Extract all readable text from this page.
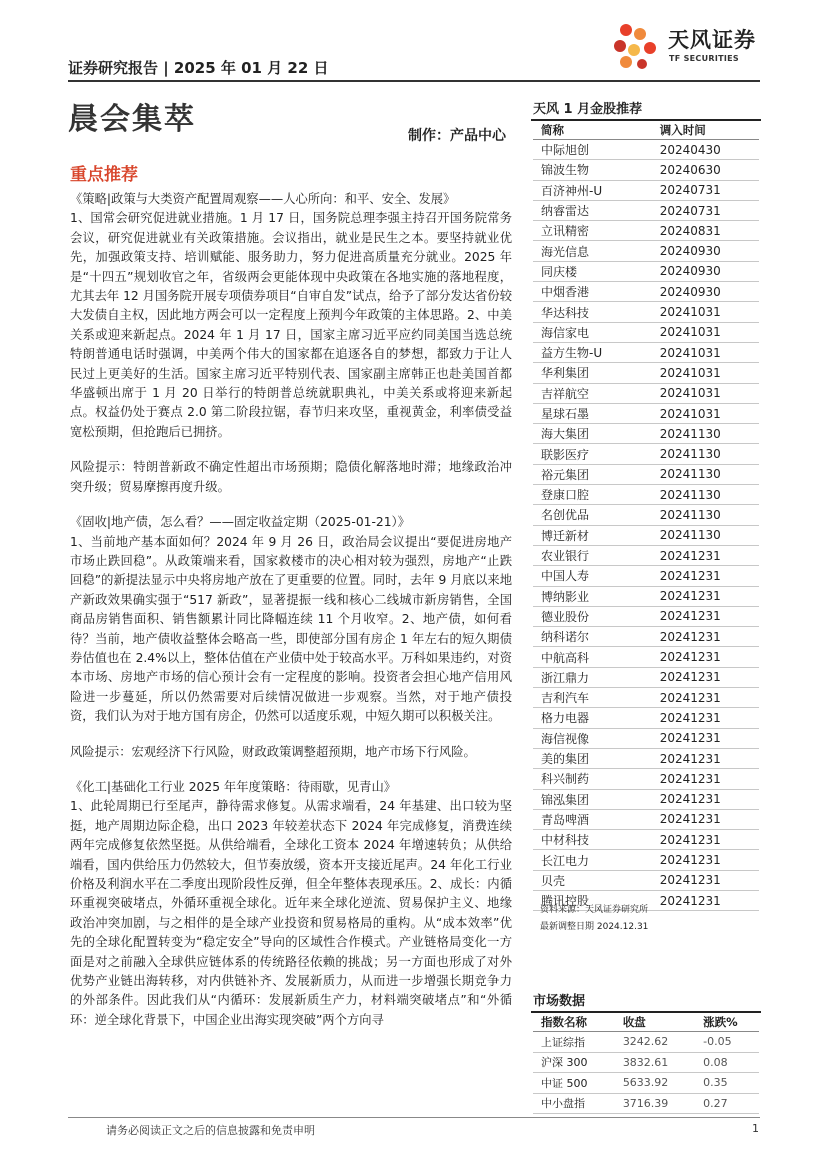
证券研究报告 | 2025 年 01 月 22 日
天风证券
TF SECURITIES
晨会集萃	制作：产品中心
重点推荐

《策略|政策与大类资产配置周观察——人心所向：和平、安全、发展》

1、国常会研究促进就业措施。1 月 17 日，国务院总理李强主持召开国务院常务会议，研究促进就业有关政策措施。会议指出，就业是民生之本。要坚持就业优先，加强政策支持、培训赋能、服务助力，努力促进高质量充分就业。2025 年是“十四五”规划收官之年，省级两会更能体现中央政策在各地实施的落地程度，尤其去年 12 月国务院开展专项债券项目“自审自发”试点，给予了部分发达省份较大发债自主权，因此地方两会可以一定程度上预判今年政策的主体思路。2、中美关系或迎来新起点。2024 年 1 月 17 日，国家主席习近平应约同美国当选总统特朗普通电话时强调，中美两个伟大的国家都在追逐各自的梦想，都致力于让人民过上更美好的生活。国家主席习近平特别代表、国家副主席韩正也赴美国首都华盛顿出席于 1 月 20 日举行的特朗普总统就职典礼，中美关系或将迎来新起点。权益仍处于赛点 2.0 第二阶段拉锯，春节归来攻坚，重视黄金，利率债受益宽松预期，但抢跑后已拥挤。

风险提示：特朗普新政不确定性超出市场预期；隐债化解落地时滞；地缘政治冲突升级；贸易摩擦再度升级。

《固收|地产债，怎么看？——固定收益定期（2025-01-21）》

1、当前地产基本面如何？2024 年 9 月 26 日，政治局会议提出“要促进房地产市场止跌回稳”。从政策端来看，国家救楼市的决心相对较为强烈，房地产“止跌回稳”的新提法显示中央将房地产放在了更重要的位置。同时，去年 9 月底以来地产新政效果确实强于“517 新政”，显著提振一线和核心二线城市新房销售，全国商品房销售面积、销售额累计同比降幅连续 11 个月收窄。2、地产债，如何看待？当前，地产债收益整体会略高一些，即使部分国有房企 1 年左右的短久期债券估值也在 2.4%以上，整体估值在产业债中处于较高水平。万科如果违约，对资本市场、房地产市场的信心预计会有一定程度的影响。投资者会担心地产信用风险进一步蔓延，所以仍然需要对后续情况做进一步观察。当然，对于地产债投资，我们认为对于地方国有房企，仍然可以适度乐观，中短久期可以积极关注。

风险提示：宏观经济下行风险，财政政策调整超预期，地产市场下行风险。

《化工|基础化工行业 2025 年年度策略：待雨歇，见青山》

1、此轮周期已行至尾声，静待需求修复。从需求端看，24 年基建、出口较为坚挺，地产周期边际企稳，出口 2023 年较差状态下 2024 年完成修复，消费连续两年完成修复依然坚挺。从供给端看，全球化工资本 2024 年增速转负；从供给端看，国内供给压力仍然较大，但节奏放缓，资本开支接近尾声。24 年化工行业价格及利润水平在二季度出现阶段性反弹，但全年整体表现承压。2、成长：内循环重视突破堵点，外循环重视全球化。近年来全球化逆流、贸易保护主义、地缘政治冲突加剧，与之相伴的是全球产业投资和贸易格局的重构。从“成本效率”优先的全球化配置转变为“稳定安全”导向的区域性合作模式。产业链格局变化一方面是对之前融入全球供应链体系的传统路径依赖的挑战；另一方面也形成了对外优势产业链出海转移，对内供链补齐、发展新质力，从而进一步增强长期竞争力的外部条件。因此我们从“内循环：发展新质生产力，材料端突破堵点”和“外循环：逆全球化背景下，中国企业出海实现突破”两个方向寻

天风 1 月金股推荐
简称	调入时间
中际旭创	20240430
锦波生物	20240630
百济神州-U	20240731
纳睿雷达	20240731
立讯精密	20240831
海光信息	20240930
同庆楼	20240930
中烟香港	20240930
华达科技	20241031
海信家电	20241031
益方生物-U	20241031
华利集团	20241031
吉祥航空	20241031
星球石墨	20241031
海大集团	20241130
联影医疗	20241130
裕元集团	20241130
登康口腔	20241130
名创优品	20241130
博迁新材	20241130
农业银行	20241231
中国人寿	20241231
博纳影业	20241231
德业股份	20241231
纳科诺尔	20241231
中航高科	20241231
浙江鼎力	20241231
吉利汽车	20241231
格力电器	20241231
海信视像	20241231
美的集团	20241231
科兴制药	20241231
锦泓集团	20241231
青岛啤酒	20241231
中材科技	20241231
长江电力	20241231
贝壳	20241231
腾讯控股	20241231
资料来源：天风证券研究所
最新调整日期 2024.12.31
市场数据
指数名称	收盘	涨跌%
上证综指	3242.62	-0.05
沪深 300	3832.61	0.08
中证 500	5633.92	0.35
中小盘指	3716.39	0.27
请务必阅读正文之后的信息披露和免责申明	1
